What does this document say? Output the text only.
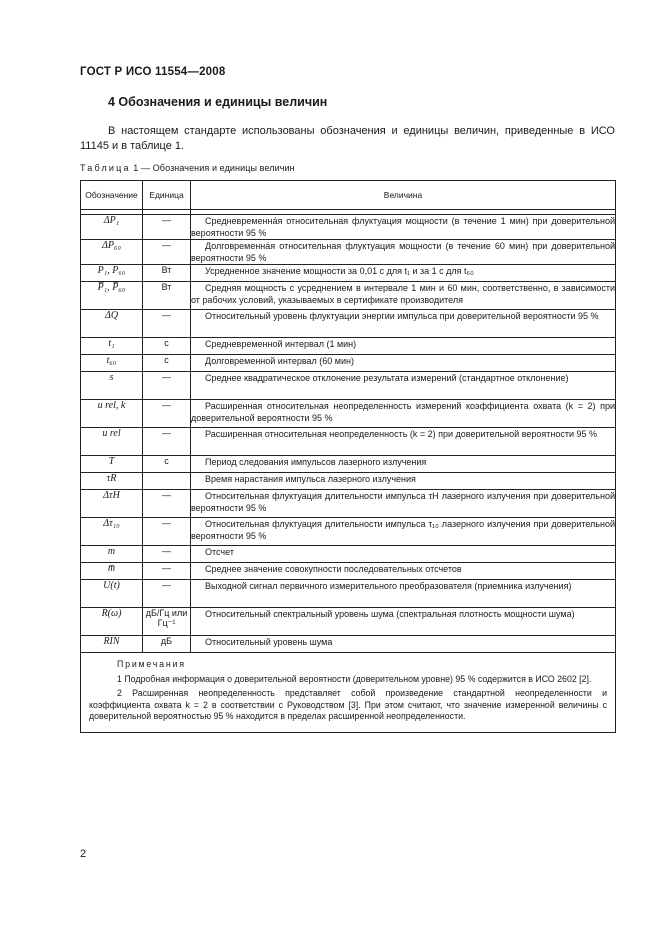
ГОСТ Р ИСО 11554—2008
4 Обозначения и единицы величин
В настоящем стандарте использованы обозначения и единицы величин, приведенные в ИСО 11145 и в таблице 1.
Таблица 1 — Обозначения и единицы величин
Обозначение	Единица	Величина

ΔP₁	—	Средневременна́я относительная флуктуация мощности (в течение 1 мин) при доверительной вероятности 95 %
ΔP₆₀	—	Долговременна́я относительная флуктуация мощности (в течение 60 мин) при доверительной вероятности 95 %
P₁, P₆₀	Вт	Усредненное значение мощности за 0,01 с для t₁ и за 1 с для t₆₀
P̅₁, P̅₆₀	Вт	Средняя мощность с усреднением в интервале 1 мин и 60 мин, соответственно, в зависимости от рабочих условий, указываемых в сертификате производителя
ΔQ	—	Относительный уровень флуктуации энергии импульса при доверительной вероятности 95 %
t₁	с	Средневременной интервал (1 мин)
t₆₀	с	Долговременной интервал (60 мин)
s	—	Среднее квадратическое отклонение результата измерений (стандартное отклонение)
u rel, k	—	Расширенная относительная неопределенность измерений коэффициента охвата (k = 2) при доверительной вероятности 95 %
u rel	—	Расширенная относительная неопределенность (k = 2) при доверительной вероятности 95 %
T	с	Период следования импульсов лазерного излучения
τR		Время нарастания импульса лазерного излучения
ΔτH	—	Относительная флуктуация длительности импульса τH лазерного излучения при доверительной вероятности 95 %
Δτ₁₀	—	Относительная флуктуация длительности импульса τ₁₀ лазерного излучения при доверительной вероятности 95 %
m	—	Отсчет
m̅	—	Среднее значение совокупности последовательных отсчетов
U(t)	—	Выходной сигнал первичного измерительного преобразователя (приемника излучения)
R(ω)	дБ/Гц или Гц⁻¹	Относительный спектральный уровень шума (спектральная плотность мощности шума)
RIN	дБ	Относительный уровень шума

Примечания
1 Подробная информация о доверительной вероятности (доверительном уровне) 95 % содержится в ИСО 2602 [2].
2 Расширенная неопределенность представляет собой произведение стандартной неопределенности и коэффициента охвата k = 2 в соответствии с Руководством [3]. При этом считают, что значение измеренной величины с доверительной вероятностью 95 % находится в пределах расширенной неопределенности.		
2
